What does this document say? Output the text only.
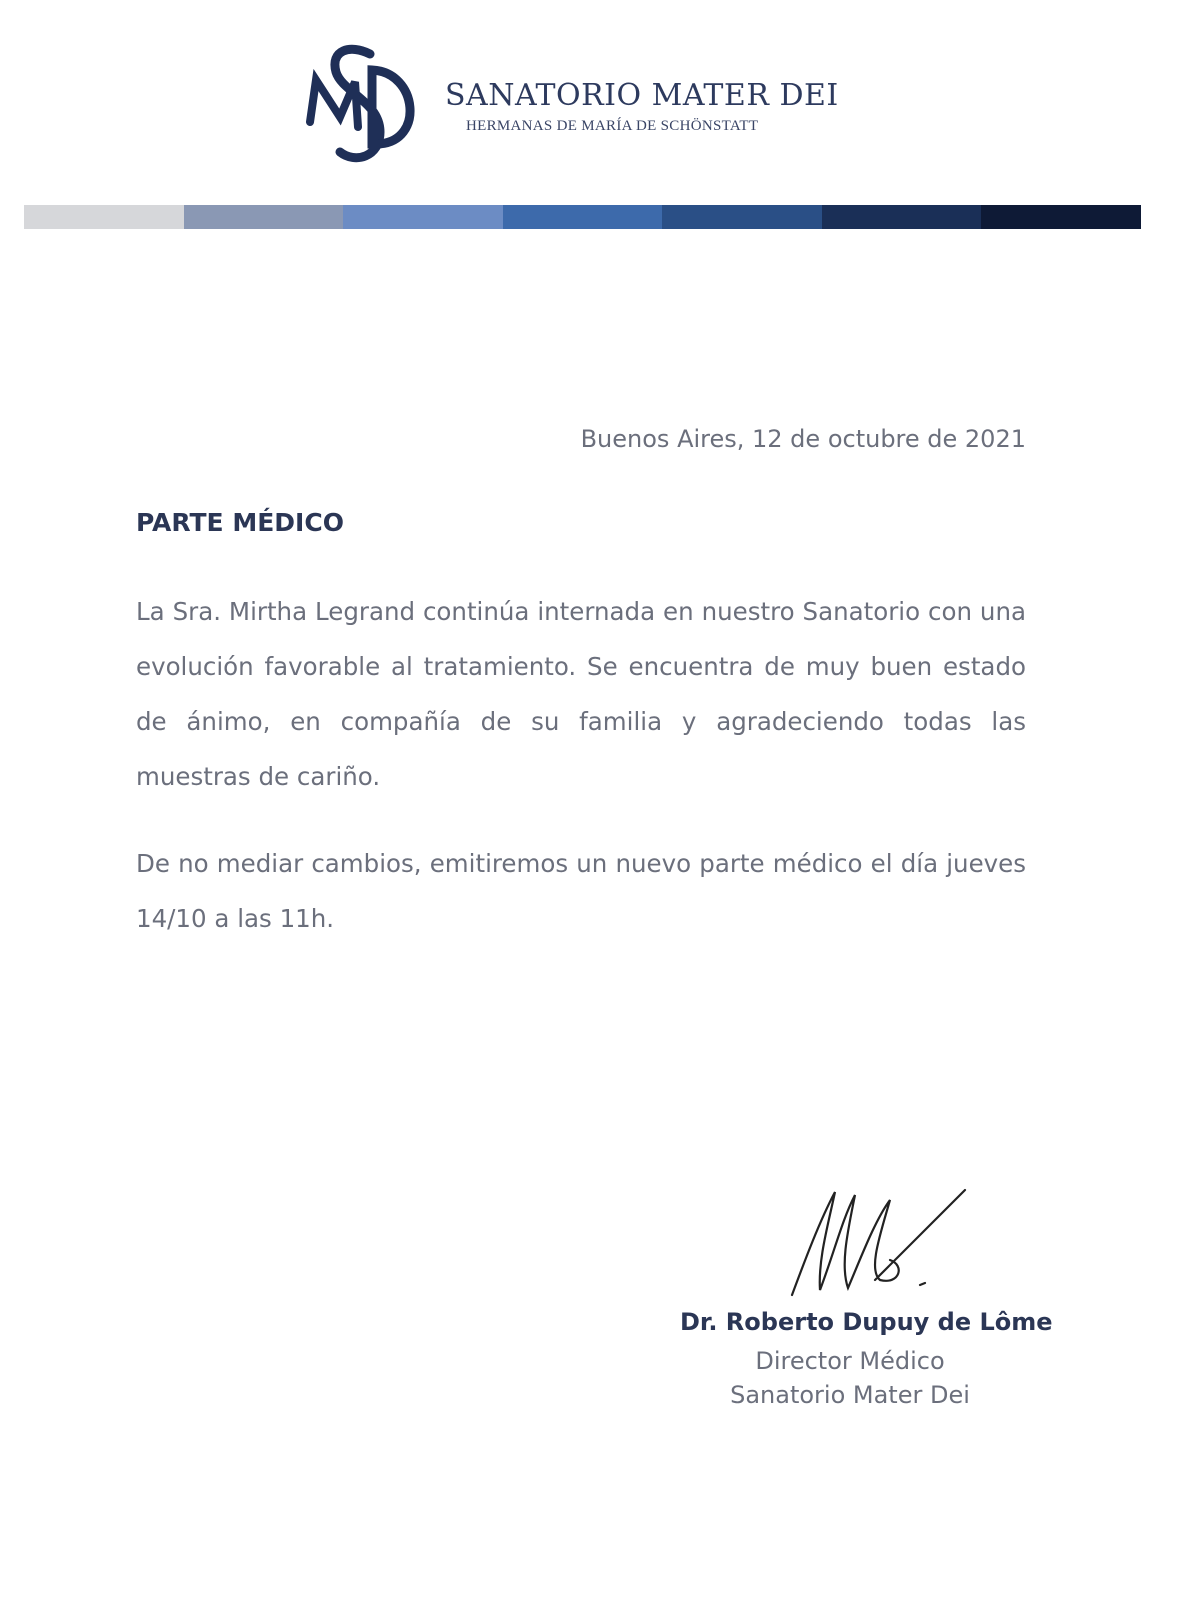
SANATORIO MATER DEI
HERMANAS DE MARÍA DE SCHÖNSTATT
Buenos Aires, 12 de octubre de 2021
PARTE MÉDICO
La Sra. Mirtha Legrand continúa internada en nuestro Sanatorio con una evolución favorable al tratamiento. Se encuentra de muy buen estado de ánimo, en compañía de su familia y agradeciendo todas las muestras de cariño.
De no mediar cambios, emitiremos un nuevo parte médico el día jueves 14/10 a las 11h.
Dr. Roberto Dupuy de Lôme
Director Médico
Sanatorio Mater Dei
